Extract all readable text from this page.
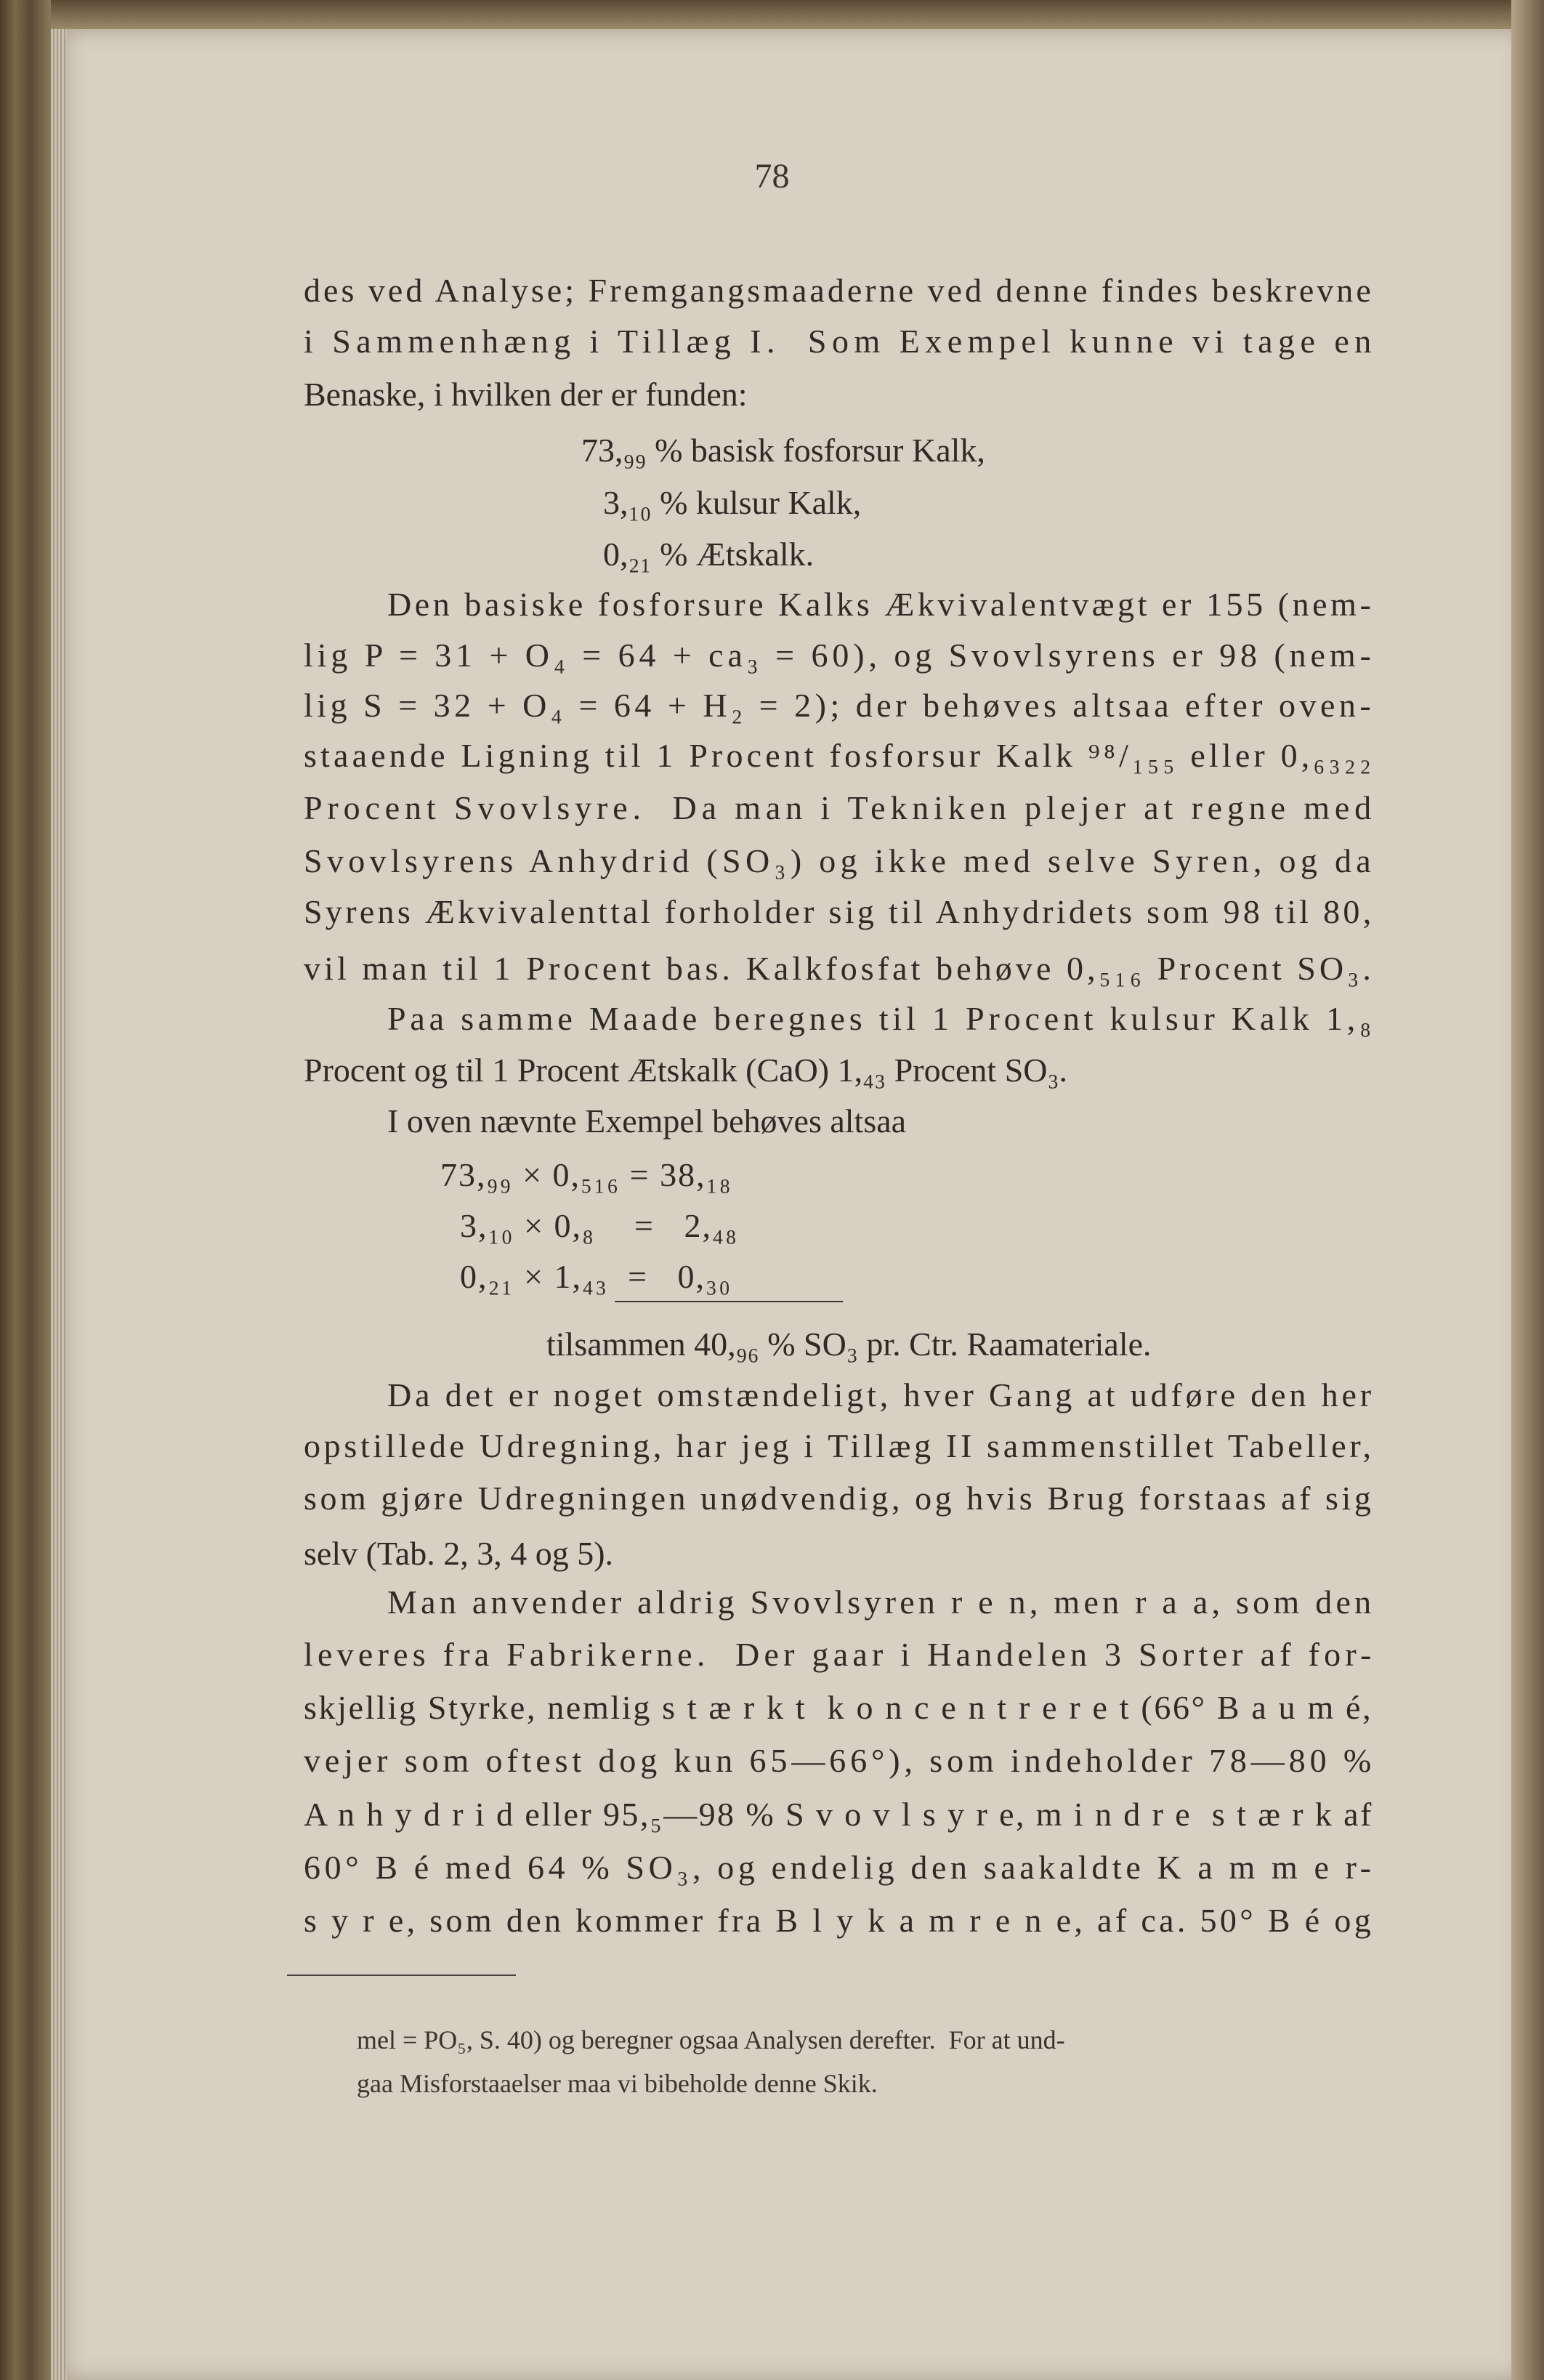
78
des ved Analyse; Fremgangsmaaderne ved denne findes beskrevne
i Sammenhæng i Tillæg I.  Som Exempel kunne vi tage en
Benaske, i hvilken der er funden:
73,₉₉ % basisk fosforsur Kalk,
3,₁₀ % kulsur Kalk,
0,₂₁ % Ætskalk.
Den basiske fosforsure Kalks Ækvivalentvægt er 155 (nem-
lig P = 31 + O₄ = 64 + ca₃ = 60), og Svovlsyrens er 98 (nem-
lig S = 32 + O₄ = 64 + H₂ = 2); der behøves altsaa efter oven-
staaende Ligning til 1 Procent fosforsur Kalk ⁹⁸/₁₅₅ eller 0,₆₃₂₂
Procent Svovlsyre.  Da man i Tekniken plejer at regne med
Svovlsyrens Anhydrid (SO₃) og ikke med selve Syren, og da
Syrens Ækvivalenttal forholder sig til Anhydridets som 98 til 80,
vil man til 1 Procent bas. Kalkfosfat behøve 0,₅₁₆ Procent SO₃.
Paa samme Maade beregnes til 1 Procent kulsur Kalk 1,₈
Procent og til 1 Procent Ætskalk (CaO) 1,₄₃ Procent SO₃.
I oven nævnte Exempel behøves altsaa
73,₉₉ × 0,₅₁₆ = 38,₁₈
3,₁₀ × 0,₈    =   2,₄₈
0,₂₁ × 1,₄₃  =   0,₃₀
tilsammen 40,₉₆ % SO₃ pr. Ctr. Raamateriale.
Da det er noget omstændeligt, hver Gang at udføre den her
opstillede Udregning, har jeg i Tillæg II sammenstillet Tabeller,
som gjøre Udregningen unødvendig, og hvis Brug forstaas af sig
selv (Tab. 2, 3, 4 og 5).
Man anvender aldrig Svovlsyren r e n, men r a a, som den
leveres fra Fabrikerne.  Der gaar i Handelen 3 Sorter af for-
skjellig Styrke, nemlig s t æ r k t  k o n c e n t r e r e t (66° B a u m é,
vejer som oftest dog kun 65—66°), som indeholder 78—80 %
A n h y d r i d eller 95,₅—98 % S v o v l s y r e, m i n d r e  s t æ r k af
60° B é med 64 % SO₃, og endelig den saakaldte K a m m e r-
s y r e, som den kommer fra B l y k a m r e n e, af ca. 50° B é og
mel = PO₅, S. 40) og beregner ogsaa Analysen derefter.  For at und-
gaa Misforstaaelser maa vi bibeholde denne Skik.
